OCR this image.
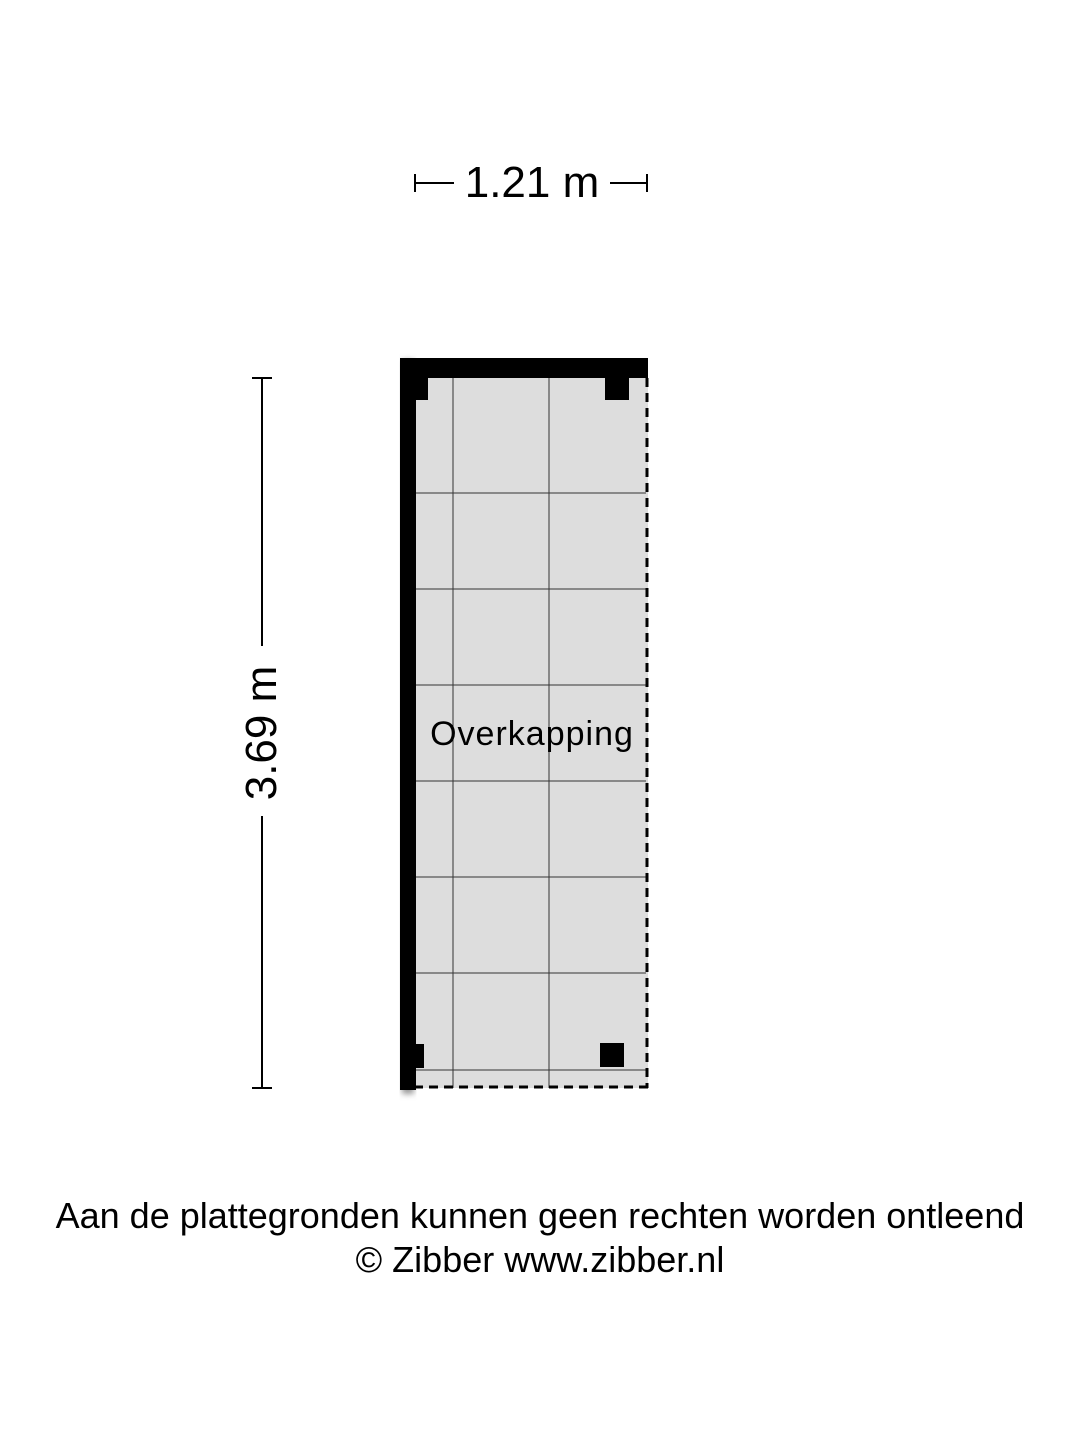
1.21 m
3.69 m	Overkapping
Aan de plattegronden kunnen geen rechten worden ontleend
© Zibber www.zibber.nl
